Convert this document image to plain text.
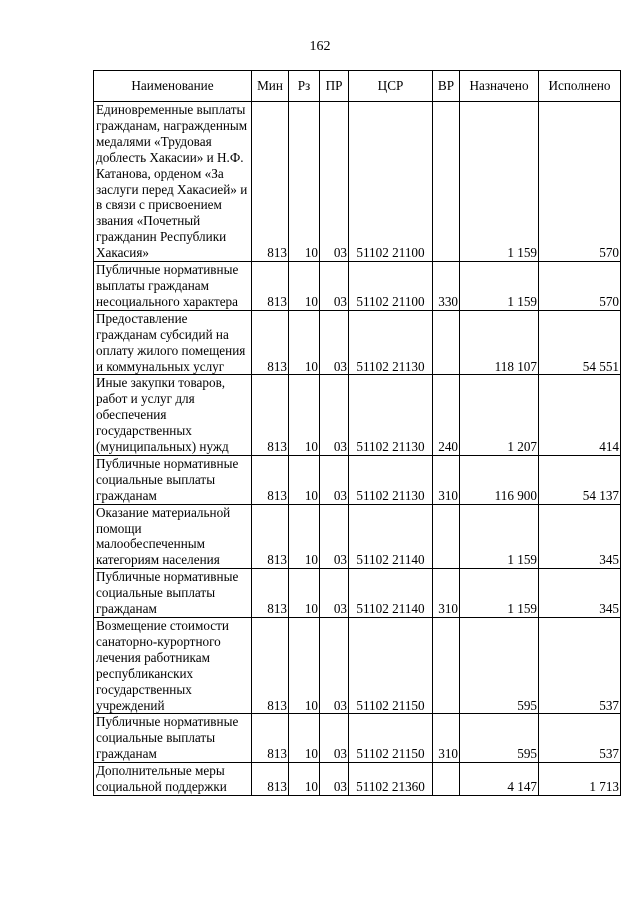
162
Наименование	Мин	Рз	ПР	ЦСР	ВР	Назначено	Исполнено
Единовременные выплаты гражданам, награжденным медалями «Трудовая доблесть Хакасии» и Н.Ф. Катанова, орденом «За заслуги перед Хакасией» и в связи с присвоением звания «Почетный гражданин Республики Хакасия»	813	10	03	51102 21100		1 159	570
Публичные нормативные выплаты гражданам несоциального характера	813	10	03	51102 21100	330	1 159	570
Предоставление гражданам субсидий на оплату жилого помещения и коммунальных услуг	813	10	03	51102 21130		118 107	54 551
Иные закупки товаров, работ и услуг для обеспечения государственных (муниципальных) нужд	813	10	03	51102 21130	240	1 207	414
Публичные нормативные социальные выплаты гражданам	813	10	03	51102 21130	310	116 900	54 137
Оказание материальной помощи малообеспеченным категориям населения	813	10	03	51102 21140		1 159	345
Публичные нормативные социальные выплаты гражданам	813	10	03	51102 21140	310	1 159	345
Возмещение стоимости санаторно-курортного лечения работникам республиканских государственных учреждений	813	10	03	51102 21150		595	537
Публичные нормативные социальные выплаты гражданам	813	10	03	51102 21150	310	595	537
Дополнительные меры социальной поддержки	813	10	03	51102 21360		4 147	1 713
